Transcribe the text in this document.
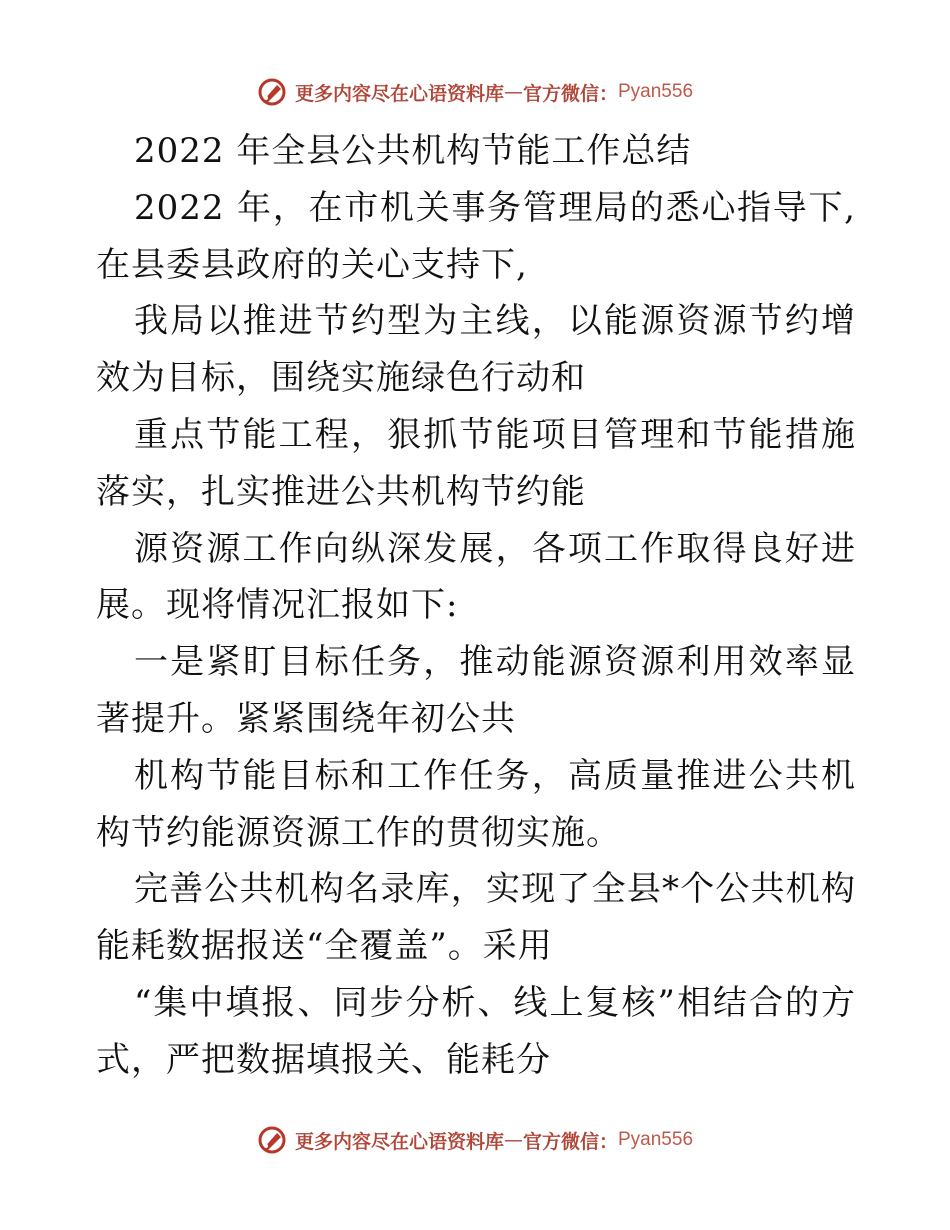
更多内容尽在心语资料库 — 官方微信： Pyan556

2022 年全县公共机构节能工作总结

2022 年，在市机关事务管理局的悉心指导下,在县委县政府的关心支持下,

我局以推进节约型为主线，以能源资源节约增效为目标，围绕实施绿色行动和

重点节能工程，狠抓节能项目管理和节能措施落实，扎实推进公共机构节约能

源资源工作向纵深发展，各项工作取得良好进展。现将情况汇报如下:

一是紧盯目标任务，推动能源资源利用效率显著提升。紧紧围绕年初公共

机构节能目标和工作任务，高质量推进公共机构节约能源资源工作的贯彻实施。

完善公共机构名录库，实现了全县*个公共机构能耗数据报送“全覆盖”。采用

“集中填报、同步分析、线上复核”相结合的方式，严把数据填报关、能耗分

更多内容尽在心语资料库 — 官方微信： Pyan556
